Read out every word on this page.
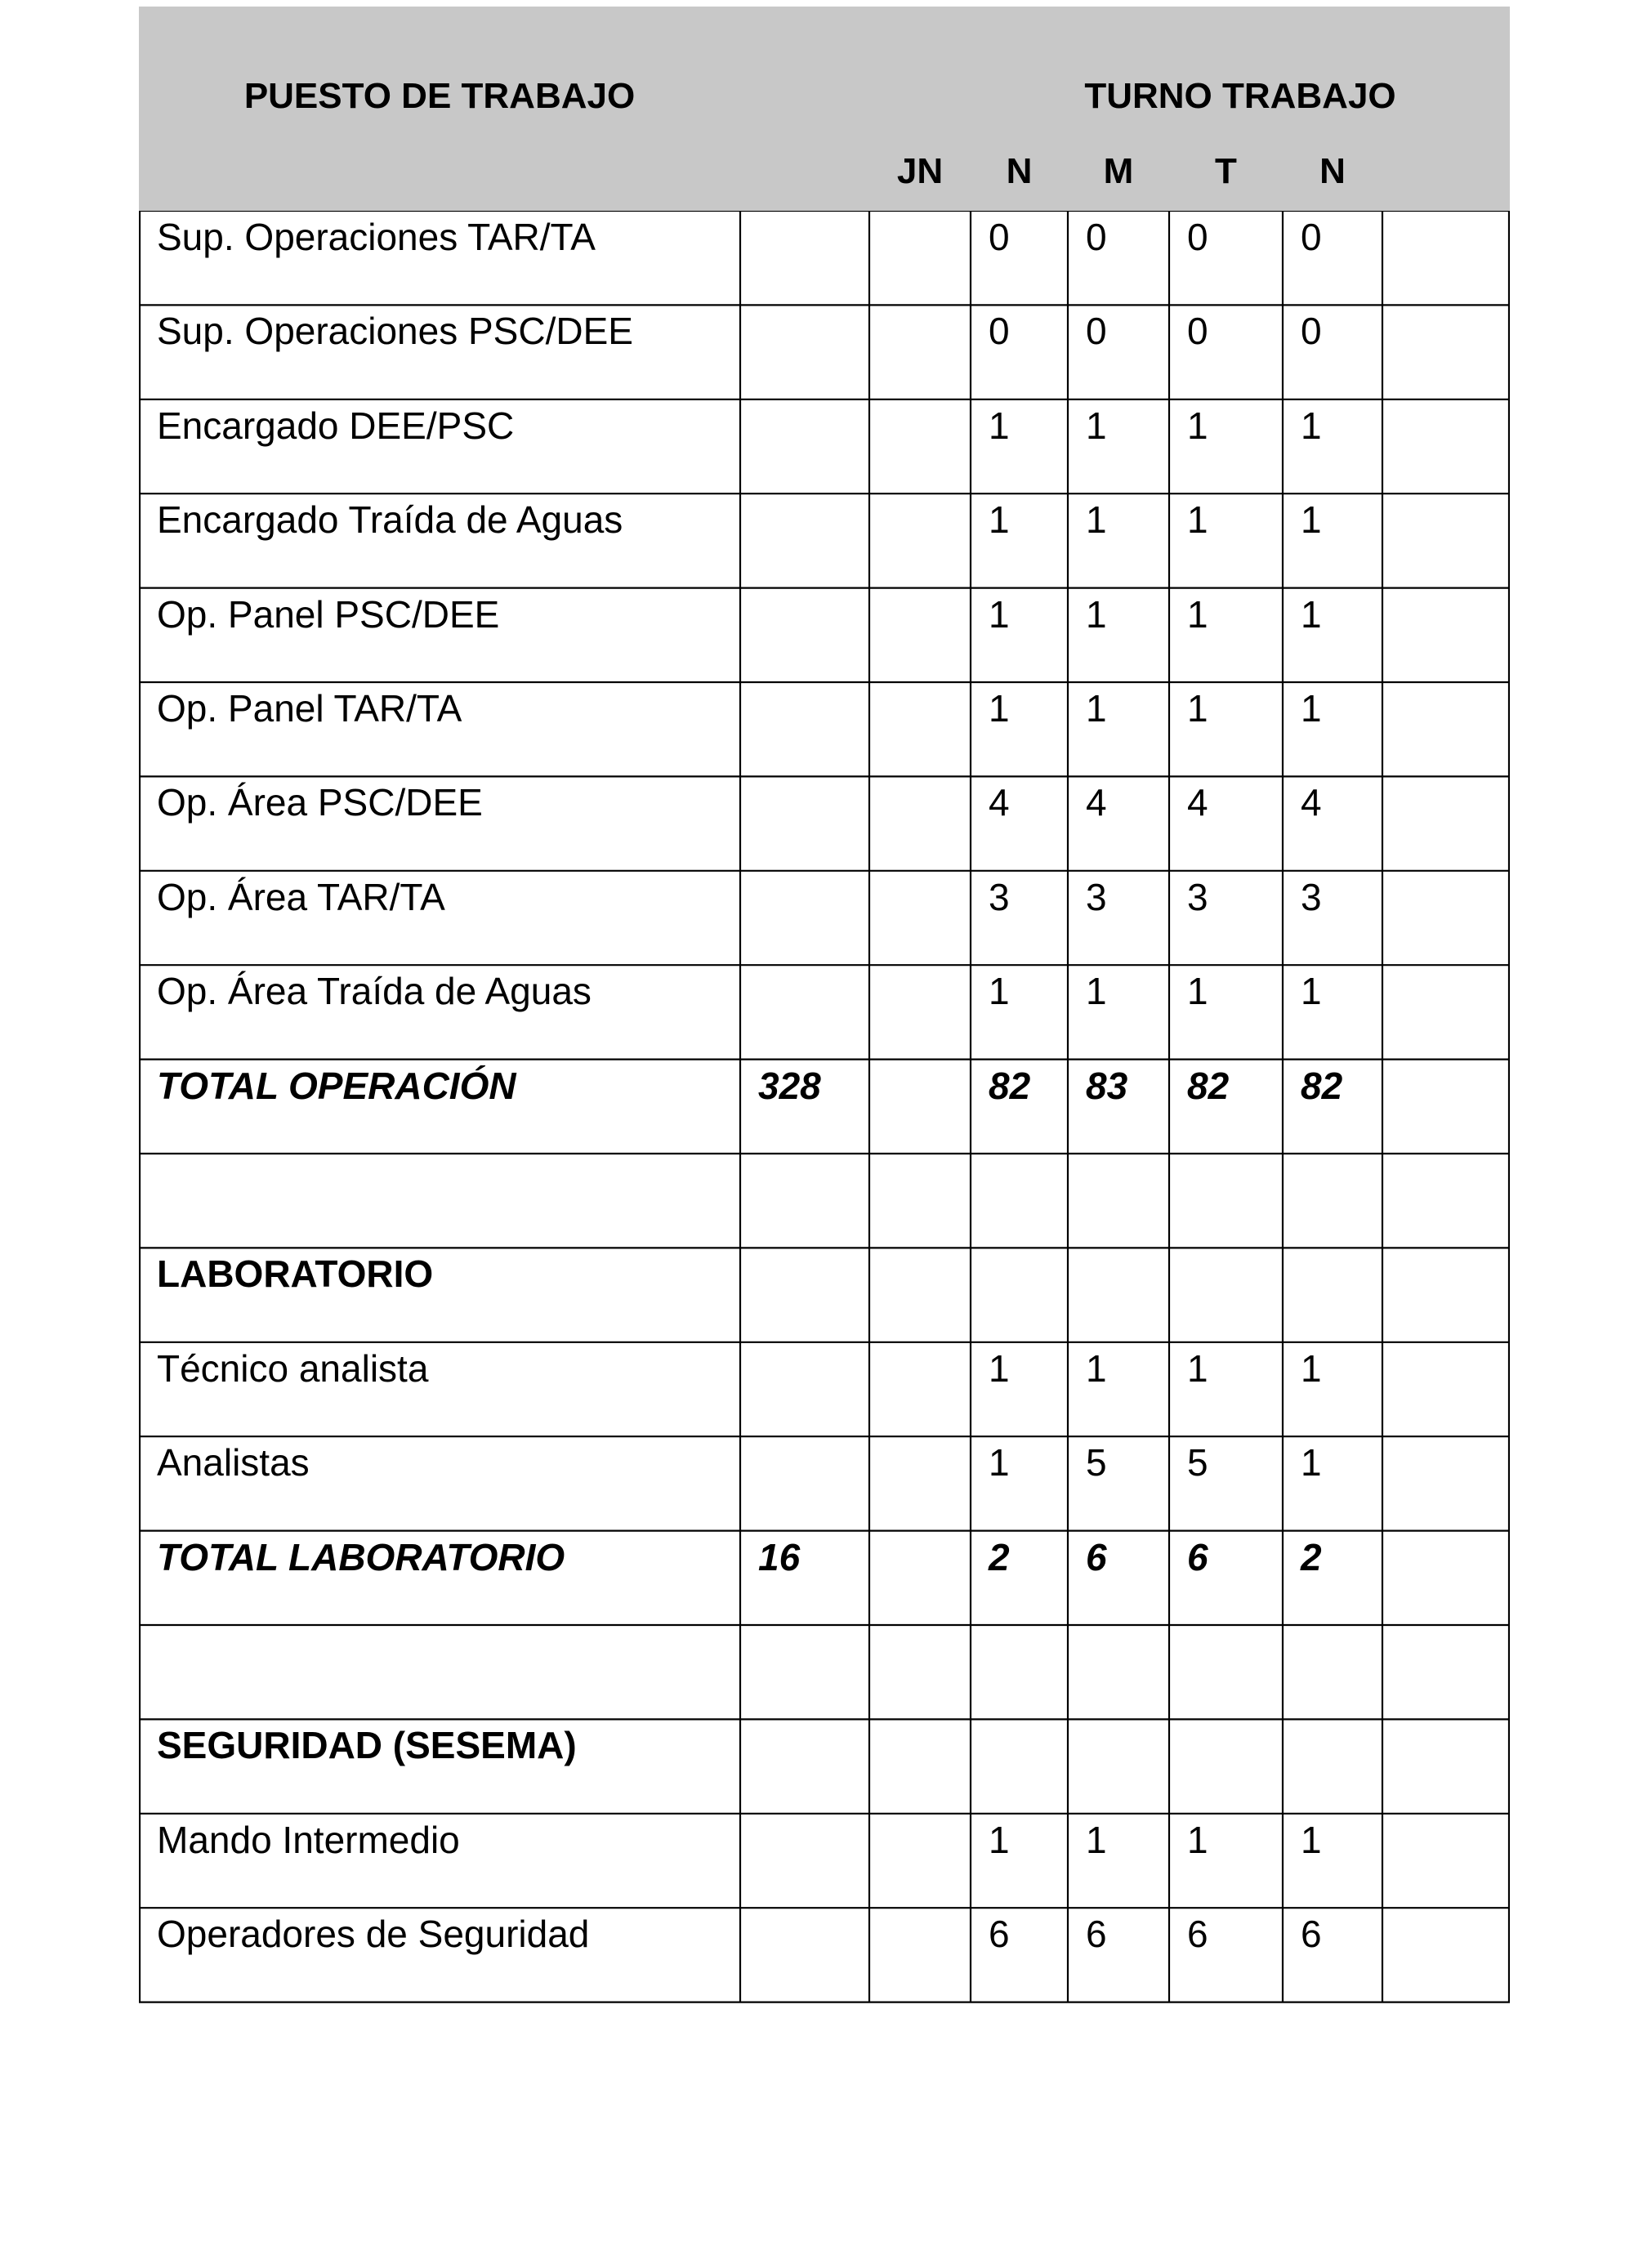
PUESTO DE TRABAJO	TURNO TRABAJO
JN	N	M	T	N
Sup. Operaciones TAR/TA	0 0 0 0
Sup. Operaciones PSC/DEE	0 0 0 0
Encargado DEE/PSC	1 1 1 1
Encargado Traída de Aguas	1 1 1 1
Op. Panel PSC/DEE	1 1 1 1
Op. Panel TAR/TA	1 1 1 1
Op. Área PSC/DEE	4 4 4 4
Op. Área TAR/TA	3 3 3 3
Op. Área Traída de Aguas	1 1 1 1
TOTAL OPERACIÓN	328	82 83 82 82
LABORATORIO
Técnico analista	1 1 1 1
Analistas	1 5 5 1
TOTAL LABORATORIO	16	2 6 6 2
SEGURIDAD (SESEMA)
Mando Intermedio	1 1 1 1
Operadores de Seguridad	6 6 6 6
